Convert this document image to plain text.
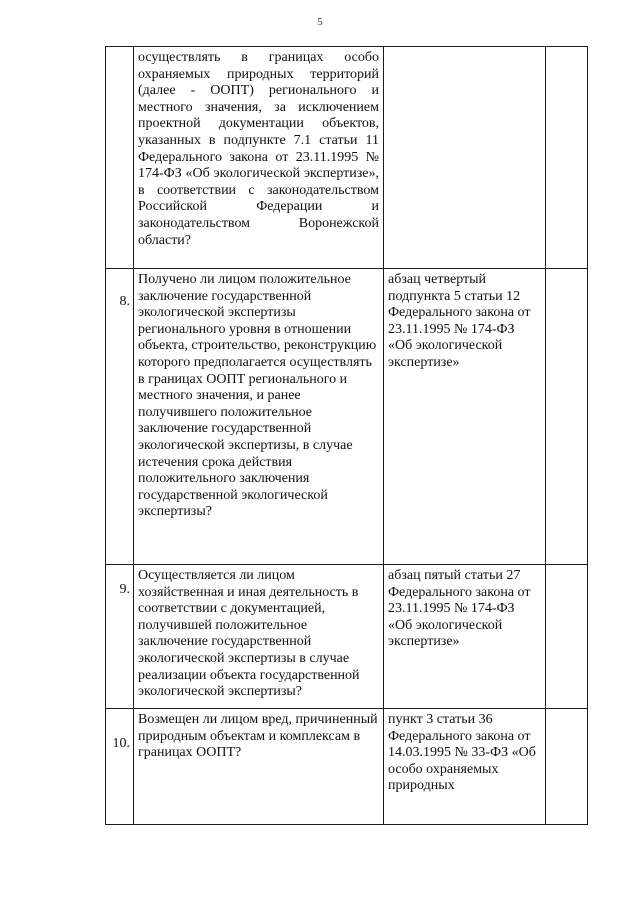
5
	осуществлять в границах особо охраняемых природных территорий (далее - ООПТ) регионального и местного значения, за исключением проектной документации объектов, указанных в подпункте 7.1 статьи 11 Федерального закона от 23.11.1995 № 174-ФЗ «Об экологической экспертизе», в соответствии с законодательством Российской Федерации и законодательством Воронежской области?		
8.	Получено ли лицом положительное заключение государственной экологической экспертизы регионального уровня в отношении объекта, строительство, реконструкцию которого предполагается осуществлять в границах ООПТ регионального и местного значения, и ранее получившего положительное заключение государственной экологической экспертизы, в случае истечения срока действия положительного заключения государственной экологической экспертизы?	абзац четвертый подпункта 5 статьи 12 Федерального закона от 23.11.1995 № 174-ФЗ «Об экологической экспертизе»	
9.	Осуществляется ли лицом хозяйственная и иная деятельность в соответствии с документацией, получившей положительное заключение государственной экологической экспертизы в случае реализации объекта государственной экологической экспертизы?	абзац пятый статьи 27 Федерального закона от 23.11.1995 № 174-ФЗ «Об экологической экспертизе»	
10.	Возмещен ли лицом вред, причиненный природным объектам и комплексам в границах ООПТ?	пункт 3 статьи 36 Федерального закона от 14.03.1995 № 33-ФЗ «Об особо охраняемых природных	
